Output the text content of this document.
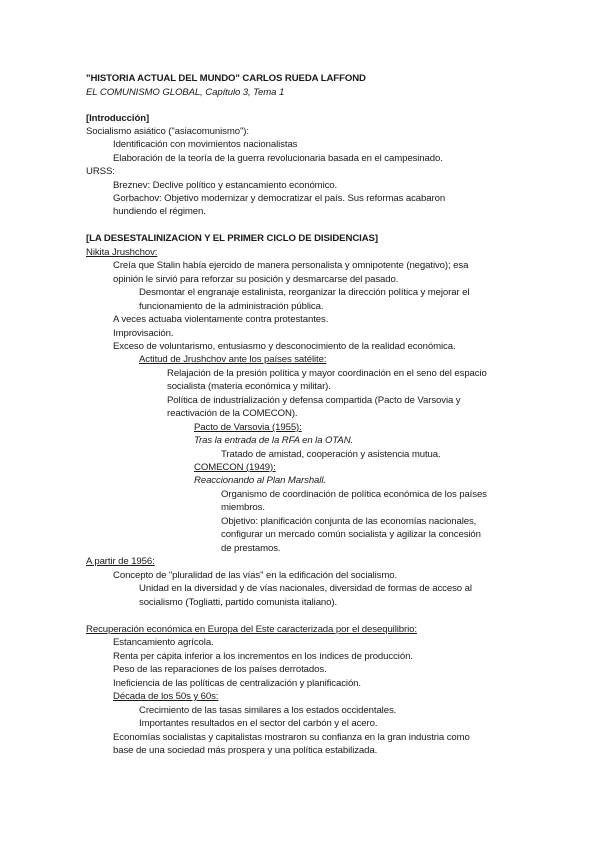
"HISTORIA ACTUAL DEL MUNDO" CARLOS RUEDA LAFFOND
EL COMUNISMO GLOBAL, Capítulo 3, Tema 1
[Introducción]
Socialismo asiático ("asiacomunismo"):
Identificación con movimientos nacionalistas
Elaboración de la teoría de la guerra revolucionaria basada en el campesinado.
URSS:
Breznev: Declive político y estancamiento económico.
Gorbachov: Objetivo modernizar y democratizar el país. Sus reformas acabaron
hundiendo el régimen.
[LA DESESTALINIZACION Y EL PRIMER CICLO DE DISIDENCIAS]
Nikita Jrushchov:
Creía que Stalin había ejercido de manera personalista y omnipotente (negativo); esa
opinión le sirvió para reforzar su posición y desmarcarse del pasado.
Desmontar el engranaje estalinista, reorganizar la dirección política y mejorar el
funcionamiento de la administración pública.
A veces actuaba violentamente contra protestantes.
Improvisación.
Exceso de voluntarismo, entusiasmo y desconocimiento de la realidad económica.
Actitud de Jrushchov ante los países satélite:
Relajación de la presión política y mayor coordinación en el seno del espacio
socialista (materia económica y militar).
Política de industrialización y defensa compartida (Pacto de Varsovia y
reactivación de la COMECON).
Pacto de Varsovia (1955):
Tras la entrada de la RFA en la OTAN.
Tratado de amistad, cooperación y asistencia mutua.
COMECON (1949):
Reaccionando al Plan Marshall.
Organismo de coordinación de política económica de los países
miembros.
Objetivo: planificación conjunta de las economías nacionales,
configurar un mercado común socialista y agilizar la concesión
de prestamos.
A partir de 1956:
Concepto de "pluralidad de las vías" en la edificación del socialismo.
Unidad en la diversidad y de vías nacionales, diversidad de formas de acceso al
socialismo (Togliatti, partido comunista italiano).
Recuperación económica en Europa del Este caracterizada por el desequilibrio:
Estancamiento agrícola.
Renta per cápita inferior a los incrementos en los índices de producción.
Peso de las reparaciones de los países derrotados.
Ineficiencia de las políticas de centralización y planificación.
Década de los 50s y 60s:
Crecimiento de las tasas similares a los estados occidentales.
Importantes resultados en el sector del carbón y el acero.
Economías socialistas y capitalistas mostraron su confianza en la gran industria como
base de una sociedad más prospera y una política estabilizada.
